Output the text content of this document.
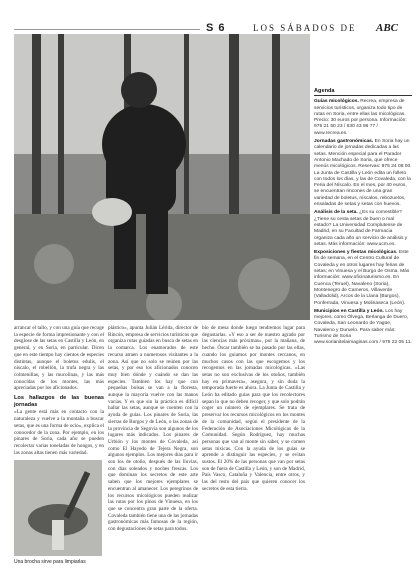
S 6	LOS SÁBADOS DE ABC

arrancar el tallo, y con una guía que recoge la especie de forma impresionante y con el desglose de las setas en Castilla y León, en general, y en Soria, en particular. Dicen que en este tiempo hay cientos de especies distintas, aunque el boletus edulis, el níscalo, el robellón, la trufa negra y las colmenillas, y las mucolinas, y las más conocidas de los montes, las más apreciadas por los aficionados.

Los hallazgos de las buenas jornadas

«La gente está más en contacto con la naturaleza y vuelve a la montaña a buscar setas, que es una forma de ocio», explica el conocedor de la zona. Por ejemplo, en los pinares de Soria, cada año se pueden recolectar varias toneladas de hongos, y en las zonas altas tienen más variedad.

plástico», apunta Julián Lérida, director de Rincón, empresa de servicios turísticos que organiza rutas guiadas en busca de setas en la comarca. Los enamorados de este recurso atraen a numerosos visitantes a la zona. Así que no solo se reúnen por las setas, y por eso los aficionados conocen muy bien dónde y cuándo se dan las especies. Tambien los hay que con pequeñas bolsas se van a la floresta, aunque la mayoría vuelve con las manos vacías. Y es que sin la práctica es difícil hallar las setas, aunque se cuenten con la ayuda de guías. Los pinares de Soria, las sierras de Burgos y de León, o las zonas de la provincia de Segovia son algunos de los lugares más indicados. Los pinares de Urbión y los montes de Covaleda, así como El Hayedo de Tejera Negra, son algunos ejemplos. Los mejores días para ir son los de otoño, después de las lluvias, con días soleados y noches frescas. Los que dominan los secretos de este arte saben que los mejores ejemplares se encuentran al amanecer. Los peregrinos de los recursos micológicos pueden realizar las rutas por los pinos de Vinuesa, en los que se concentra gran parte de la oferta. Covaleda también tiene una de las jornadas gastronómicas más famosas de la región, con degustaciones de setas para todos.

bío de mesa donde luego tendremos lugar para degustarlas. «Y eso a ser de nuestro agrado por las ciencias más próximas», por la mañana, de hecho. Óscar también se ha pasado por las ellas, cuando los guiamos por montes cercanos, en muchos casos con las que escogemos y los recogemos en las jornadas micológicas. «Las setas no son exclusivas de los otoños, también hay en primavera», asegura, y sin duda la temporada fuerte es ahora. La Junta de Castilla y León ha editado guías para que los recolectores sepan lo que no deben recoger, y que solo podrán coger un número de ejemplares. Se trata de preservar los recursos micológicos en los montes de la comunidad, según el presidente de la Federación de Asociaciones Micológicas de la Comunidad. Según Rodríguez, hay muchas personas que van al monte sin saber, y se comen setas tóxicas. Con la ayuda de los guías se aprende a distinguir las especies, y se evitan sustos. El 20% de las personas que van por setas son de fuera de Castilla y León, y son de Madrid, País Vasco, Cataluña y Valencia, entre otros, y las del resto del país que quieren conocer los secretos de esta tierra.

Una brocha sirve para limpiarlas
Agenda

Guías micológicos. Recrea, empresa de servicios turísticos, organiza todo tipo de rutas en Soria, entre ellas las micológicas. Precio: 30 euros por persona. Información: 975 21 50 23 / 630 43 86 77 / www.recrea.es.

Jornadas gastronómicas. En Soria hay un calendario de jornadas dedicadas a las setas. Mención especial para el Parador Antonio Machado de Soria, que ofrece menús micológicos. Reservas: 975 24 08 00. La Junta de Castilla y León edita un folleto con todos los días, y las de Covaleda, con la Feria del Níscalo. En el mes, por 40 euros, se encuentran rincones de una gran variedad de boletus, níscalos, rebozuelos, ensaladas de setas y setas con huevos.

Análisis de la seta. ¿Es su comestible? ¿Tiene su cesta setas de buen o mal estado? La Universidad Complutense de Madrid, en su Facultad de Farmacia organiza cada año un servicio de análisis y setas. Más información: www.ucm.es.

Exposiciones y fiestas micológicas. Este fin de semana, en el Centro Cultural de Covaleda y en otros lugares hay ferias de setas; en Vinuesa y el Burgo de Osma. Más información: www.oficinaturismo.es. En Cuenca (Teruel), Navaleno (Soria), Montenegro de Cameros, Villaverde (Valladolid), Arcos de la Llana (Burgos), Ponferrada, Vinuesa y Molinaseca (León).

Municipios en Castilla y León. Los hay mejores, como Ólvega, Berlanga de Duero, Covaleda, San Leonardo de Yagüe, Navaleno y Duruelo. Para saber más: Turismo de Soria www.sorianitelaimaginas.com / 975 22 05 11.
